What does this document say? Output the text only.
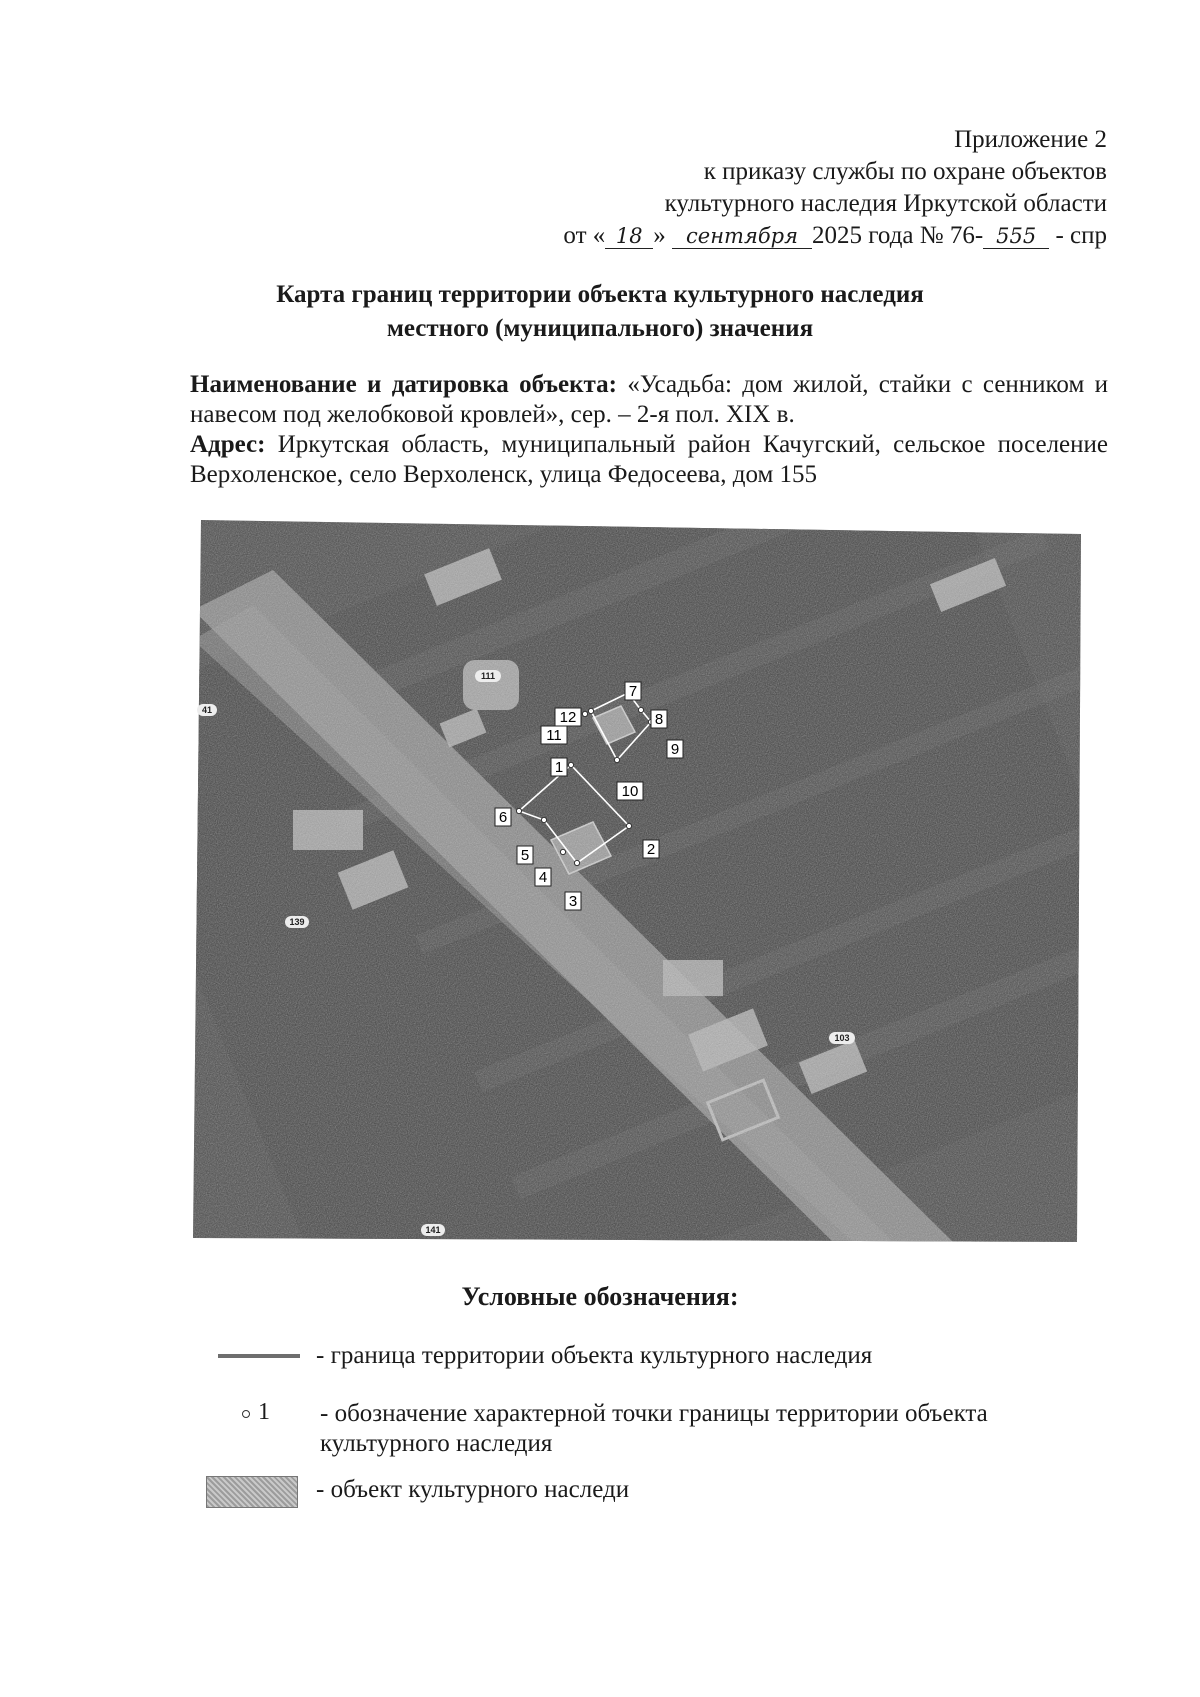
Приложение 2
к приказу службы по охране объектов
культурного наследия Иркутской области
от « 18 » сентября 2025 года № 76- 555 - спр
Карта границ территории объекта культурного наследия
местного (муниципального) значения

Наименование и датировка объекта: «Усадьба: дом жилой, стайки с сенником и навесом под желобковой кровлей», сер. – 2-я пол. XIX в.

Адрес: Иркутская область, муниципальный район Качугский, сельское поселение Верхоленское, село Верхоленск, улица Федосеева, дом 155

1
2
3
4
5
6
7
8
9
10
11
12
111
41
139
141
103
Условные обозначения:
- граница территории объекта культурного наследия
1 - обозначение характерной точки границы территории объекта культурного наследия
- объект культурного наследи
